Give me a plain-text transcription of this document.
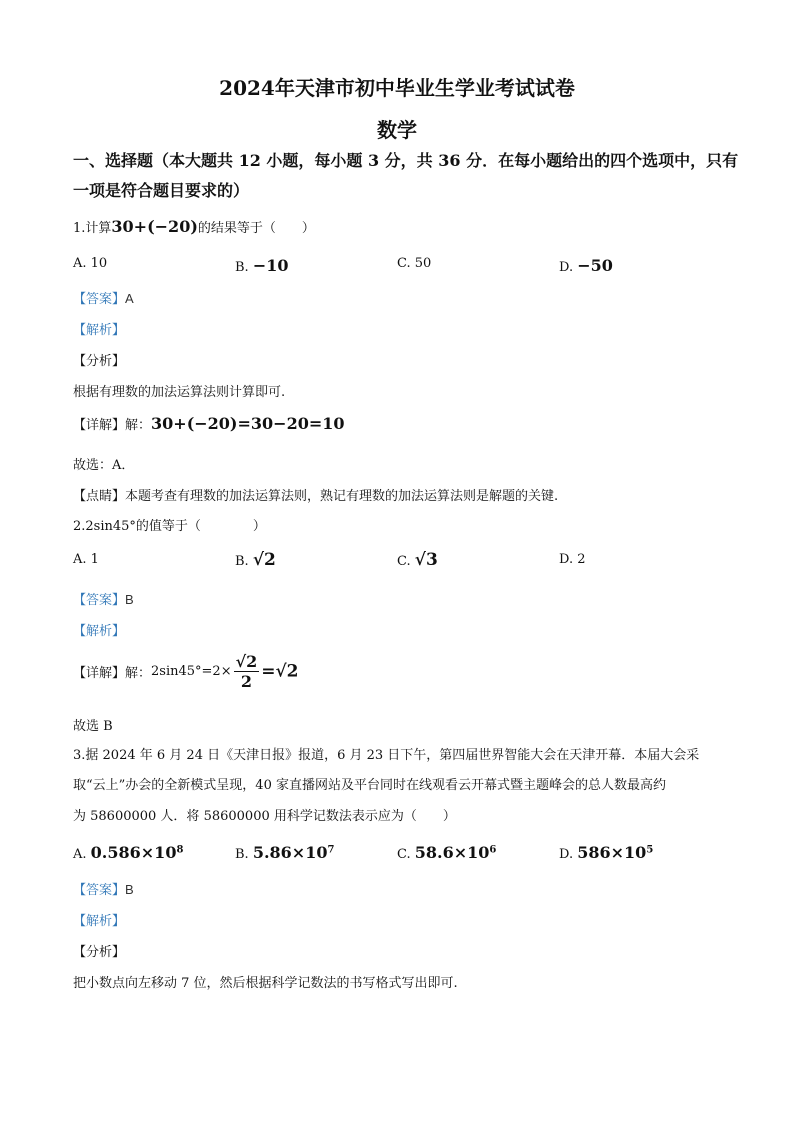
2024年天津市初中毕业生学业考试试卷
数学
一、选择题（本大题共 12 小题，每小题 3 分，共 36 分．在每小题给出的四个选项中，只有
一项是符合题目要求的）
1.计算30+(−20)的结果等于（　　）
A. 10	B. −10	C. 50	D. −50
【答案】A
【解析】
【分析】
根据有理数的加法运算法则计算即可.
【详解】解：30+(−20)=30−20=10
故选：A．
【点睛】本题考查有理数的加法运算法则，熟记有理数的加法运算法则是解题的关键.
2.2sin45°的值等于（　　　　）
A. 1	B. √2	C. √3	D. 2
【答案】B
【解析】
【详解】解：$2\sin 45^\circ=2\times \frac{√2}{2} =√2$
故选 B
3.据 2024 年 6 月 24 日《天津日报》报道，6 月 23 日下午，第四届世界智能大会在天津开幕．本届大会采
取“云上”办会的全新模式呈现，40 家直播网站及平台同时在线观看云开幕式暨主题峰会的总人数最高约
为 58600000 人．将 58600000 用科学记数法表示应为（　　）
A. $0.586\times 10^8$	B. $5.86\times 10^7$	C. $58.6\times 10^6$	D. $586\times 10^5$
【答案】B
【解析】
【分析】
把小数点向左移动 7 位，然后根据科学记数法的书写格式写出即可.
